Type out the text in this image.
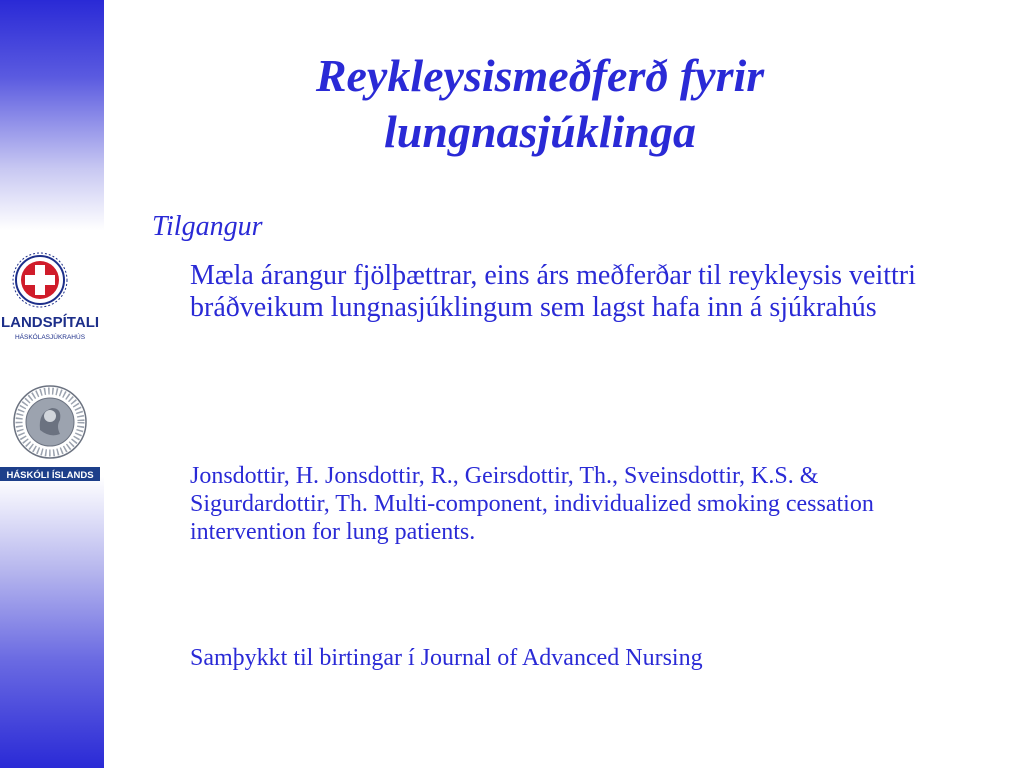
LANDSPÍTALI
HÁSKÓLASJÚKRAHÚS
HÁSKÓLI ÍSLANDS
Reykleysismeðferð fyrir
lungnasjúklinga
Tilgangur

Mæla árangur fjölþættrar, eins árs meðferðar til reykleysis veittri bráðveikum lungnasjúklingum sem lagst hafa inn á sjúkrahús

Jonsdottir, H. Jonsdottir, R., Geirsdottir, Th., Sveinsdottir, K.S. & Sigurdardottir, Th. Multi-component, individualized smoking cessation intervention for lung patients.

Samþykkt til birtingar í Journal of Advanced Nursing
